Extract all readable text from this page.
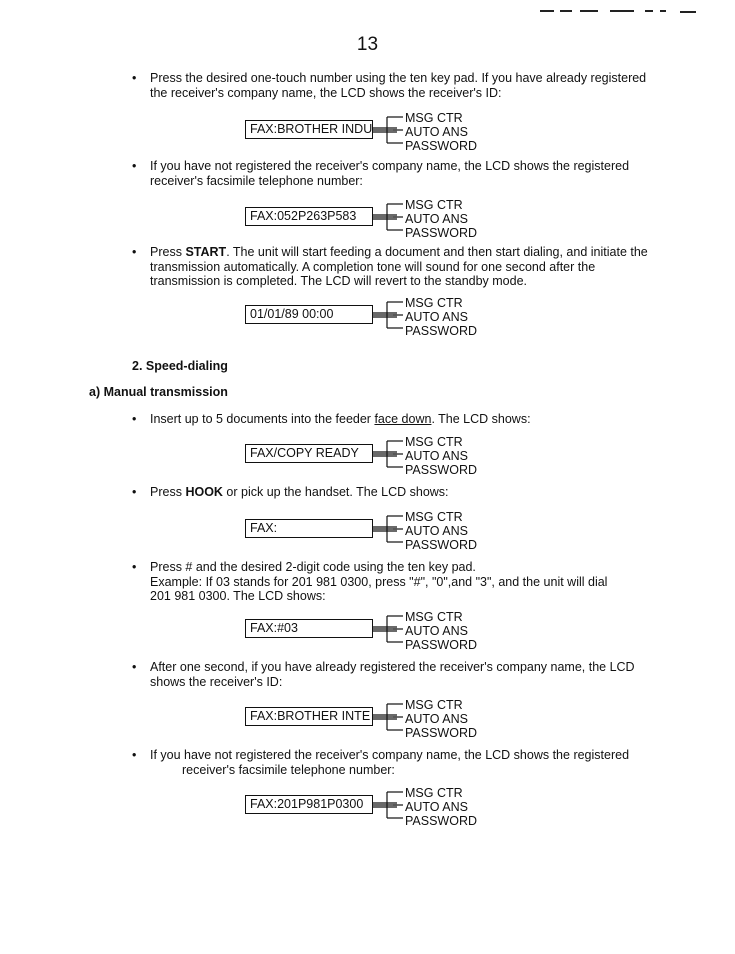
13
• Press the desired one-touch number using the ten key pad. If you have already registered
the receiver's company name, the LCD shows the receiver's ID:
• If you have not registered the receiver's company name, the LCD shows the registered
receiver's facsimile telephone number:
• Press START. The unit will start feeding a document and then start dialing, and initiate the
transmission automatically. A completion tone will sound for one second after the
transmission is completed. The LCD will revert to the standby mode.
2. Speed-dialing
a) Manual transmission
• Insert up to 5 documents into the feeder face down. The LCD shows:
• Press HOOK or pick up the handset. The LCD shows:
• Press # and the desired 2-digit code using the ten key pad.
Example: If 03 stands for 201 981 0300, press "#", "0",and "3", and the unit will dial
201 981 0300. The LCD shows:
• After one second, if you have already registered the receiver's company name, the LCD
shows the receiver's ID:
• If you have not registered the receiver's company name, the LCD shows the registered
receiver's facsimile telephone number:
FAX:BROTHER INDU
MSG CTR
AUTO ANS
PASSWORD
FAX:052P263P583
MSG CTR
AUTO ANS
PASSWORD
01/01/89 00:00
MSG CTR
AUTO ANS
PASSWORD
FAX/COPY READY
MSG CTR
AUTO ANS
PASSWORD
FAX:
MSG CTR
AUTO ANS
PASSWORD
FAX:#03
MSG CTR
AUTO ANS
PASSWORD
FAX:BROTHER INTE
MSG CTR
AUTO ANS
PASSWORD
FAX:201P981P0300
MSG CTR
AUTO ANS
PASSWORD
